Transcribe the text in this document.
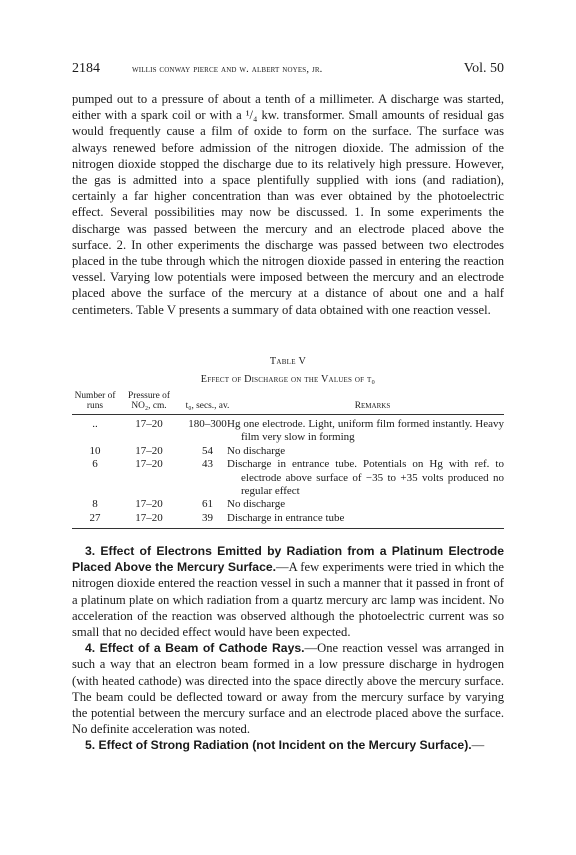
2184	willis conway pierce and w. albert noyes, jr.	Vol. 50

pumped out to a pressure of about a tenth of a millimeter. A discharge was started, either with a spark coil or with a ¹/₄ kw. transformer. Small amounts of residual gas would frequently cause a film of oxide to form on the surface. The surface was always renewed before admission of the nitrogen dioxide. The admission of the nitrogen dioxide stopped the discharge due to its relatively high pressure. However, the gas is admitted into a space plentifully supplied with ions (and radiation), certainly a far higher concentration than was ever obtained by the photoelectric effect. Several possibilities may now be discussed. 1. In some experiments the discharge was passed between the mercury and an electrode placed above the surface. 2. In other experiments the discharge was passed between two electrodes placed in the tube through which the nitrogen dioxide passed in entering the reaction vessel. Varying low potentials were imposed between the mercury and an electrode placed above the surface of the mercury at a distance of about one and a half centimeters. Table V presents a summary of data obtained with one reaction vessel.

Table V
Effect of Discharge on the Values of t₀
Number of runs	Pressure of NO₂, cm.	t₀, secs., av.	Remarks
..	17–20	180–300	Hg one electrode. Light, uniform film formed instantly. Heavy film very slow in forming
10	17–20	54	No discharge
6	17–20	43	Discharge in entrance tube. Potentials on Hg with ref. to electrode above surface of −35 to +35 volts produced no regular effect
8	17–20	61	No discharge
27	17–20	39	Discharge in entrance tube

3. Effect of Electrons Emitted by Radiation from a Platinum Electrode Placed Above the Mercury Surface.—A few experiments were tried in which the nitrogen dioxide entered the reaction vessel in such a manner that it passed in front of a platinum plate on which radiation from a quartz mercury arc lamp was incident. No acceleration of the reaction was observed although the photoelectric current was so small that no decided effect would have been expected.

4. Effect of a Beam of Cathode Rays.—One reaction vessel was arranged in such a way that an electron beam formed in a low pressure discharge in hydrogen (with heated cathode) was directed into the space directly above the mercury surface. The beam could be deflected toward or away from the mercury surface by varying the potential between the mercury surface and an electrode placed above the surface. No definite acceleration was noted.

5. Effect of Strong Radiation (not Incident on the Mercury Surface).—
